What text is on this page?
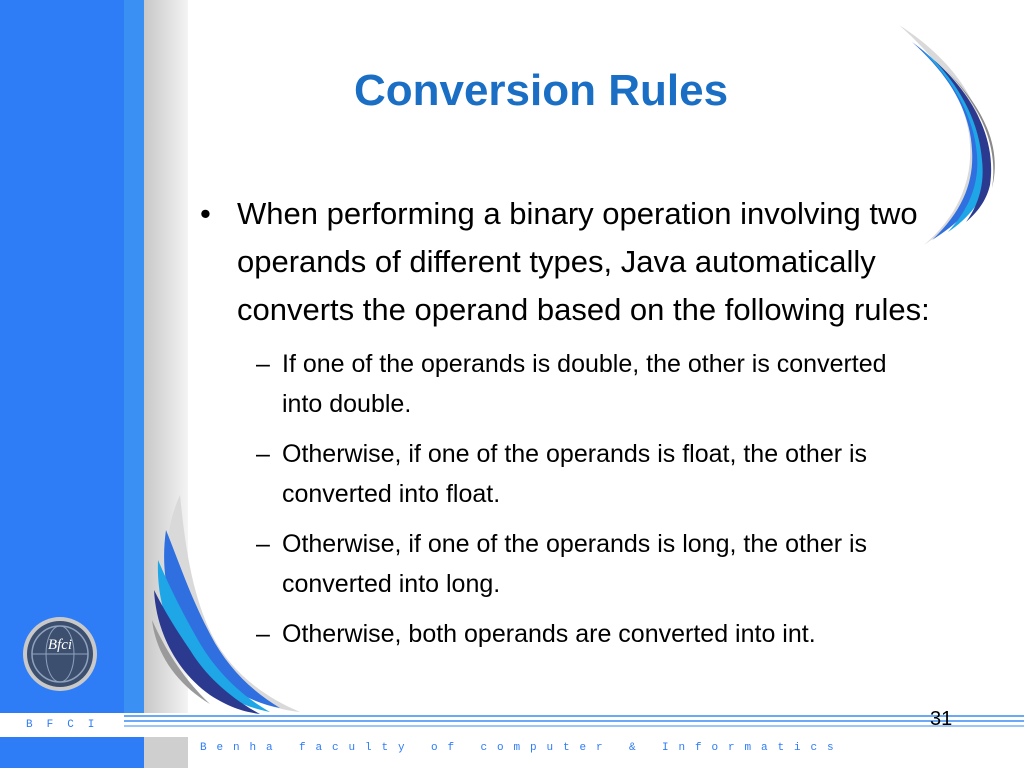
Bfci
Conversion Rules
• When performing a binary operation involving two operands of different types, Java automatically converts the operand based on the following rules:
– If one of the operands is double, the other is converted into double.
– Otherwise, if one of the operands is float, the other is converted into float.
– Otherwise, if one of the operands is long, the other is converted into long.
– Otherwise, both operands are converted into int.
BFCI
Benha faculty of computer & Informatics
31
